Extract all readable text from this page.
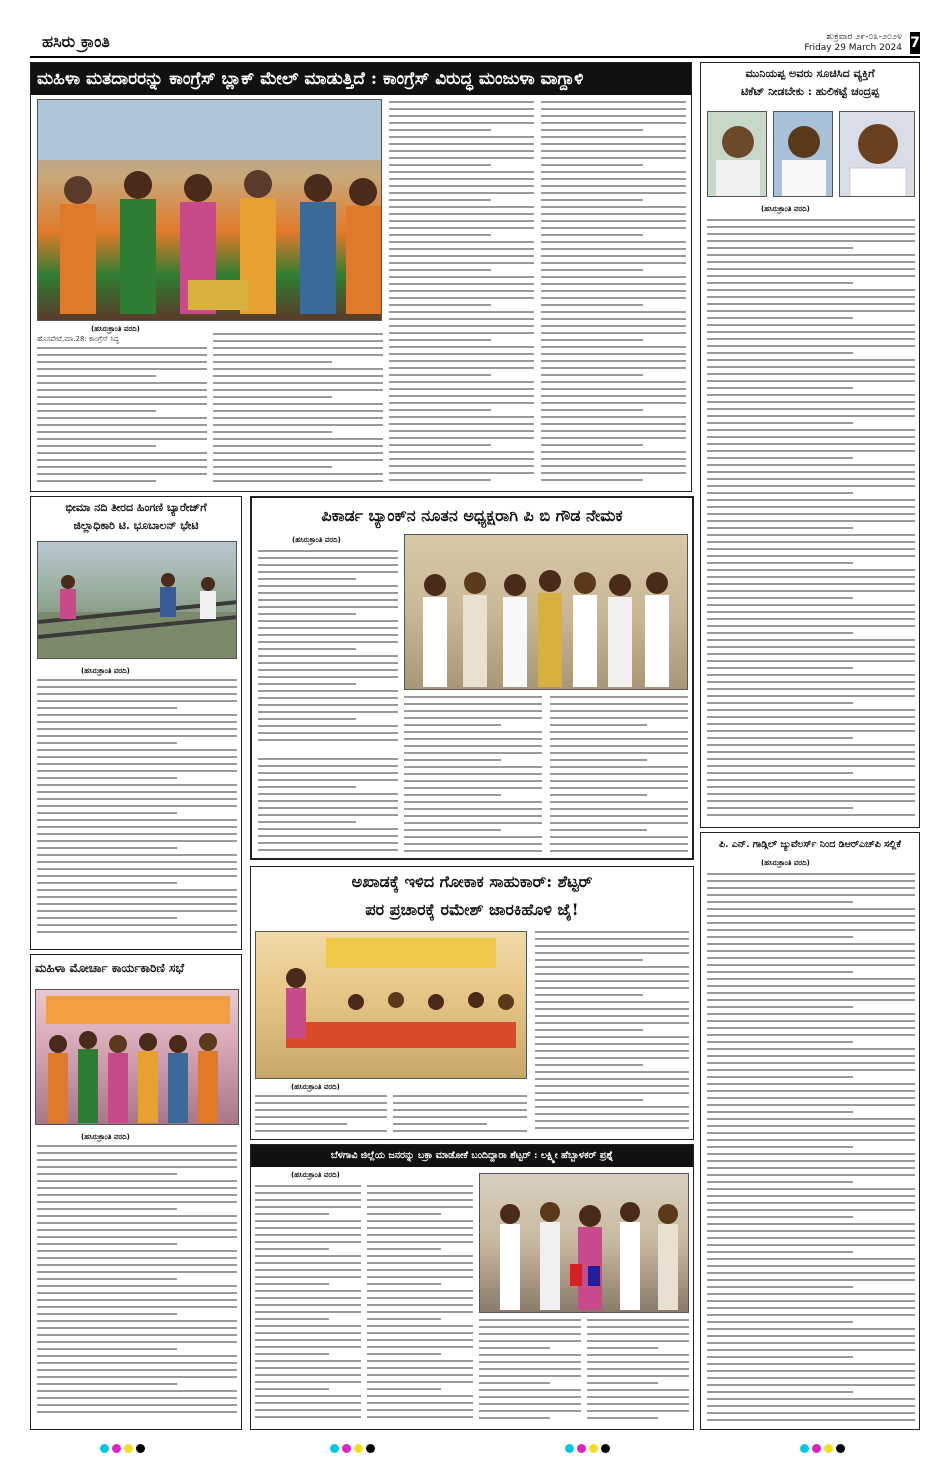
ಹಸಿರು ಕ್ರಾಂತಿ	ಶುಕ್ರವಾರ ೨೯-೦೩-೨೦೨೪
Friday 29 March 2024 7
ಮಹಿಳಾ ಮತದಾರರನ್ನು ಕಾಂಗ್ರೆಸ್ ಬ್ಲಾಕ್ ಮೇಲ್ ಮಾಡುತ್ತಿದೆ : ಕಾಂಗ್ರೆಸ್ ವಿರುದ್ಧ ಮಂಜುಳಾ ವಾಗ್ದಾಳಿ
(ಹಸಿರುಕ್ರಾಂತಿ ವರದಿ)
ಹೊಸಪೇಟೆ,ಮಾ.28: ಕಾಂಗ್ರೆಸ್ ಸಿದ್ಧ
ಮುನಿಯಪ್ಪ ಅವರು ಸೂಚಿಸಿದ ವ್ಯಕ್ತಿಗೆ
ಟಿಕೆಟ್ ನೀಡಬೇಕು : ಹುಲಿಕಟ್ಟೆ ಚಂದ್ರಪ್ಪ
(ಹಸಿರುಕ್ರಾಂತಿ ವರದಿ)
ಭೀಮಾ ನದಿ ತೀರದ ಹಿಂಗಣಿ ಬ್ಯಾರೇಜ್‌ಗೆ
ಜಿಲ್ಲಾಧಿಕಾರಿ ಟಿ. ಭೂಬಾಲನ್ ಭೇಟಿ
(ಹಸಿರುಕ್ರಾಂತಿ ವರದಿ)
ಪಿಕಾರ್ಡ ಬ್ಯಾಂಕ್‌ನ ನೂತನ ಅಧ್ಯಕ್ಷರಾಗಿ ಪಿ ಬಿ ಗೌಡ ನೇಮಕ
(ಹಸಿರುಕ್ರಾಂತಿ ವರದಿ)
ಪಿ. ಎನ್. ಗಾಡ್ಗಿಲ್ ಜ್ಯುವೆಲರ್ಸ್ ನಿಂದ ಡಿಆರ್‌ಎಚ್‌ಪಿ ಸಲ್ಲಿಕೆ
(ಹಸಿರುಕ್ರಾಂತಿ ವರದಿ)
ಅಖಾಡಕ್ಕೆ ಇಳಿದ ಗೋಕಾಕ ಸಾಹುಕಾರ್: ಶೆಟ್ಟರ್
ಪರ ಪ್ರಚಾರಕ್ಕೆ ರಮೇಶ್ ಜಾರಕಿಹೊಳಿ ಜೈ!
(ಹಸಿರುಕ್ರಾಂತಿ ವರದಿ)
ಮಹಿಳಾ ಮೋರ್ಚಾ ಕಾರ್ಯಕಾರಿಣಿ ಸಭೆ
(ಹಸಿರುಕ್ರಾಂತಿ ವರದಿ)
ಬೆಳಗಾವಿ ಜಿಲ್ಲೆಯ ಜನರನ್ನು ಬಕ್ರಾ ಮಾಡೋಕೆ ಬಂದಿದ್ದಾರಾ ಶೆಟ್ಟರ್ : ಲಕ್ಷ್ಮೀ ಹೆಬ್ಬಾಳಕರ್ ಪ್ರಶ್ನೆ
(ಹಸಿರುಕ್ರಾಂತಿ ವರದಿ)
